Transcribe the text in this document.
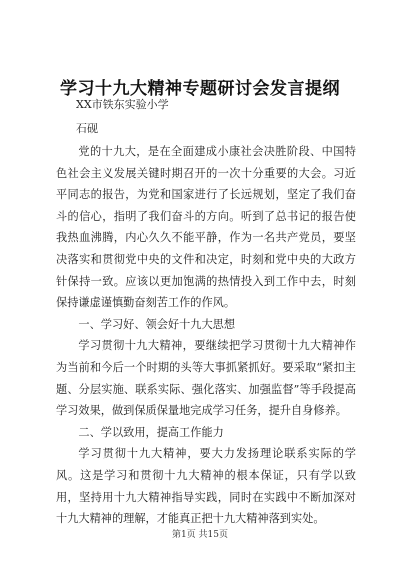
学习十九大精神专题研讨会发言提纲
XX市铁东实验小学
石砚

党的十九大，是在全面建成小康社会决胜阶段、中国特色社会主义发展关键时期召开的一次十分重要的大会。习近平同志的报告，为党和国家进行了长远规划，坚定了我们奋斗的信心，指明了我们奋斗的方向。听到了总书记的报告使我热血沸腾，内心久久不能平静，作为一名共产党员，要坚决落实和贯彻党中央的文件和决定，时刻和党中央的大政方针保持一致。应该以更加饱满的热情投入到工作中去，时刻保持谦虚谨慎勤奋刻苦工作的作风。

一、学习好、领会好十九大思想

学习贯彻十九大精神，要继续把学习贯彻十九大精神作为当前和今后一个时期的头等大事抓紧抓好。要采取“紧扣主题、分层实施、联系实际、强化落实、加强监督”等手段提高学习效果，做到保质保量地完成学习任务，提升自身修养。

二、学以致用，提高工作能力

学习贯彻十九大精神，要大力发扬理论联系实际的学风。这是学习和贯彻十九大精神的根本保证，只有学以致用，坚持用十九大精神指导实践，同时在实践中不断加深对十九大精神的理解，才能真正把十九大精神落到实处。

第1页 共15页
